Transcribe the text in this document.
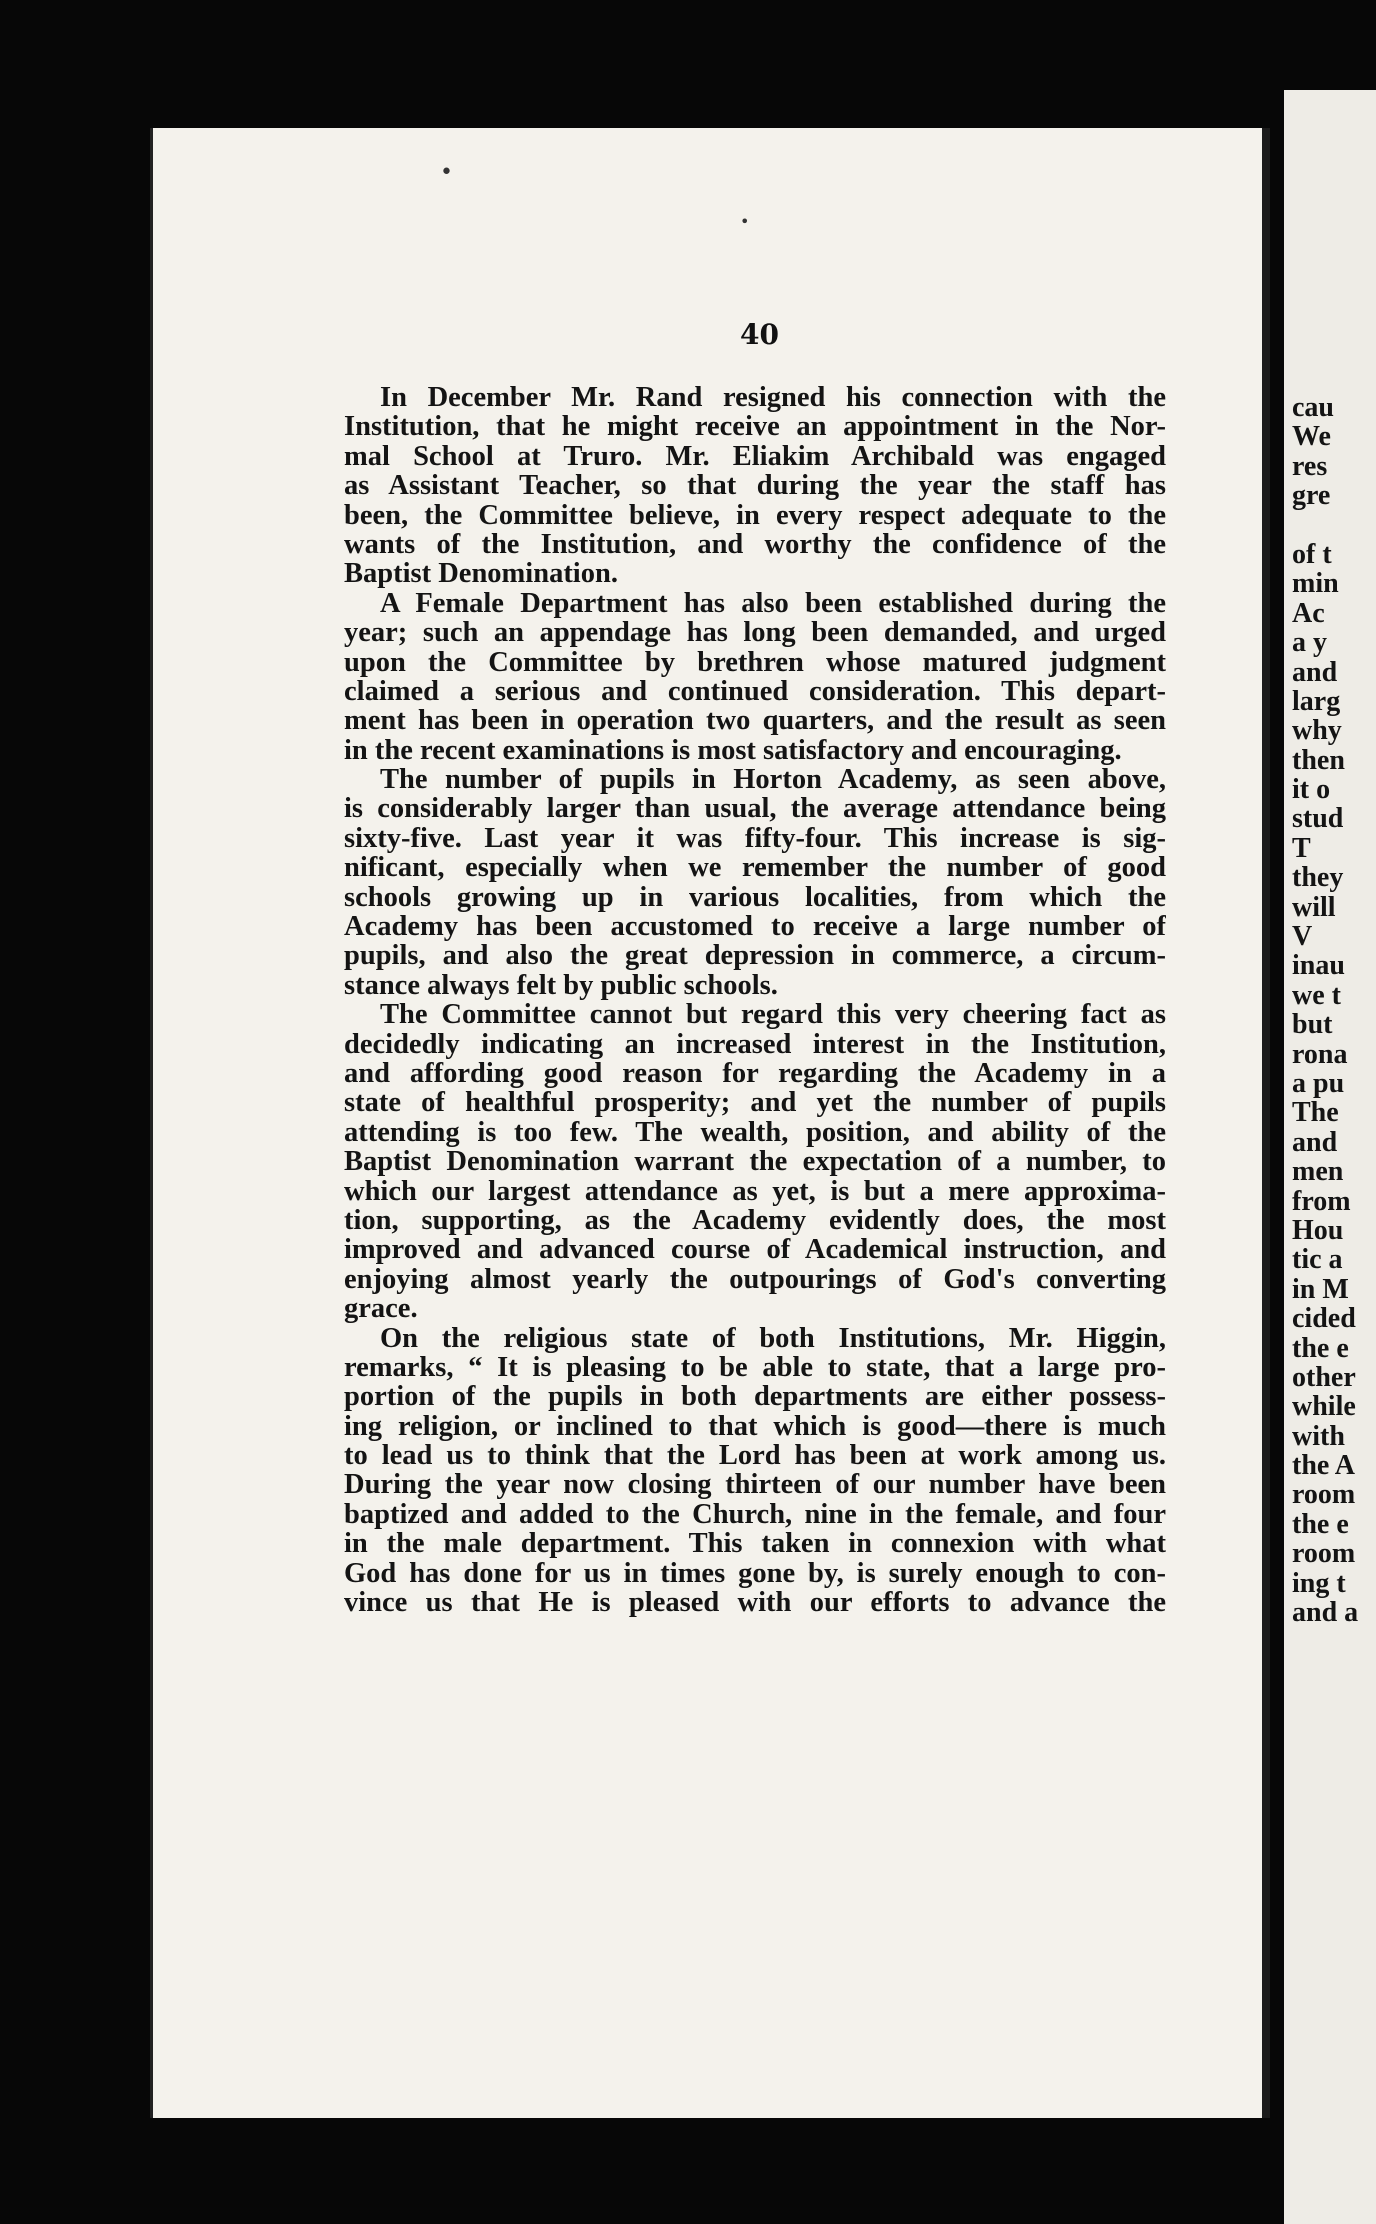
•
•
40
In December Mr. Rand resigned his connection with the
Institution, that he might receive an appointment in the Nor-
mal School at Truro. Mr. Eliakim Archibald was engaged
as Assistant Teacher, so that during the year the staff has
been, the Committee believe, in every respect adequate to the
wants of the Institution, and worthy the confidence of the
Baptist Denomination.
A Female Department has also been established during the
year; such an appendage has long been demanded, and urged
upon the Committee by brethren whose matured judgment
claimed a serious and continued consideration. This depart-
ment has been in operation two quarters, and the result as seen
in the recent examinations is most satisfactory and encouraging.
The number of pupils in Horton Academy, as seen above,
is considerably larger than usual, the average attendance being
sixty-five. Last year it was fifty-four. This increase is sig-
nificant, especially when we remember the number of good
schools growing up in various localities, from which the
Academy has been accustomed to receive a large number of
pupils, and also the great depression in commerce, a circum-
stance always felt by public schools.
The Committee cannot but regard this very cheering fact as
decidedly indicating an increased interest in the Institution,
and affording good reason for regarding the Academy in a
state of healthful prosperity; and yet the number of pupils
attending is too few. The wealth, position, and ability of the
Baptist Denomination warrant the expectation of a number, to
which our largest attendance as yet, is but a mere approxima-
tion, supporting, as the Academy evidently does, the most
improved and advanced course of Academical instruction, and
enjoying almost yearly the outpourings of God's converting
grace.
On the religious state of both Institutions, Mr. Higgin,
remarks, “ It is pleasing to be able to state, that a large pro-
portion of the pupils in both departments are either possess-
ing religion, or inclined to that which is good—there is much
to lead us to think that the Lord has been at work among us.
During the year now closing thirteen of our number have been
baptized and added to the Church, nine in the female, and four
in the male department. This taken in connexion with what
God has done for us in times gone by, is surely enough to con-
vince us that He is pleased with our efforts to advance the
cau
We
res
gre
of t
min
Ac
a y
and
larg
why
then
it o
stud
T
they
will
V
inau
we t
but
rona
a pu
The
and
men
from
Hou
tic a
in M
cided
the e
other
while
with
the A
room
the e
room
ing t
and a
